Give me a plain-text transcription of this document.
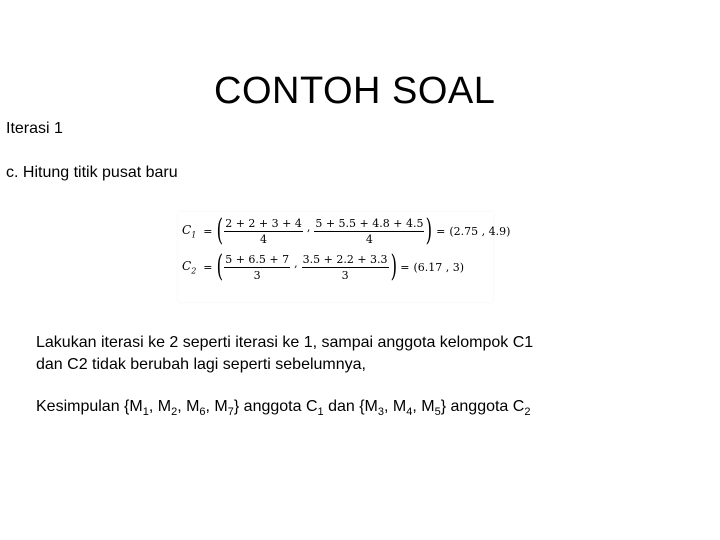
CONTOH SOAL
Iterasi 1
c. Hitung titik pusat baru
$C_1$ = ( $\frac{2 + 2 + 3 + 4}{4}$ , $\frac{5 + 5.5 + 4.8 + 4.5}{4}$ ) = (2.75 , 4.9)
$C_2$ = ( $\frac{5 + 6.5 + 7}{3}$ , $\frac{3.5 + 2.2 + 3.3}{3}$ ) = (6.17 , 3)
Lakukan iterasi ke 2 seperti iterasi ke 1, sampai anggota kelompok C1
dan C2 tidak berubah lagi seperti sebelumnya,
Kesimpulan {$M_1$, $M_2$, $M_6$, $M_7$} anggota $C_1$ dan {$M_3$, $M_4$, $M_5$} anggota $C_2$
